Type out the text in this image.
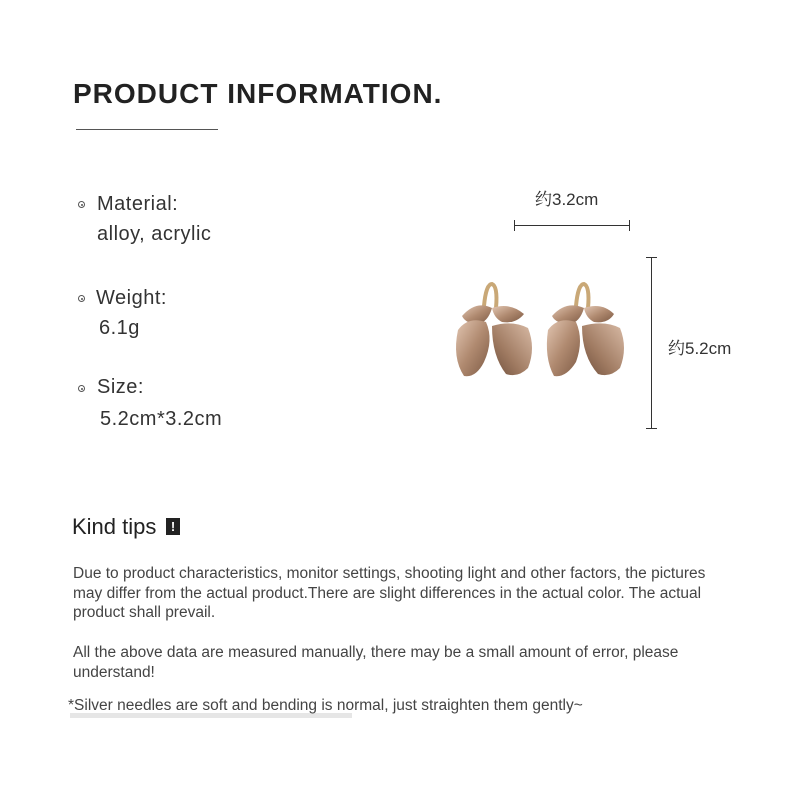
PRODUCT INFORMATION.
Material:
alloy, acrylic
Weight:
6.1g
Size:
5.2cm*3.2cm
约3.2cm
约5.2cm
Kind tips	!
Due to product characteristics, monitor settings, shooting light and other factors, the pictures may differ from the actual product.There are slight differences in the actual color. The actual product shall prevail.
All the above data are measured manually, there may be a small amount of error, please understand!
*Silver needles are soft and bending is normal, just straighten them gently~
